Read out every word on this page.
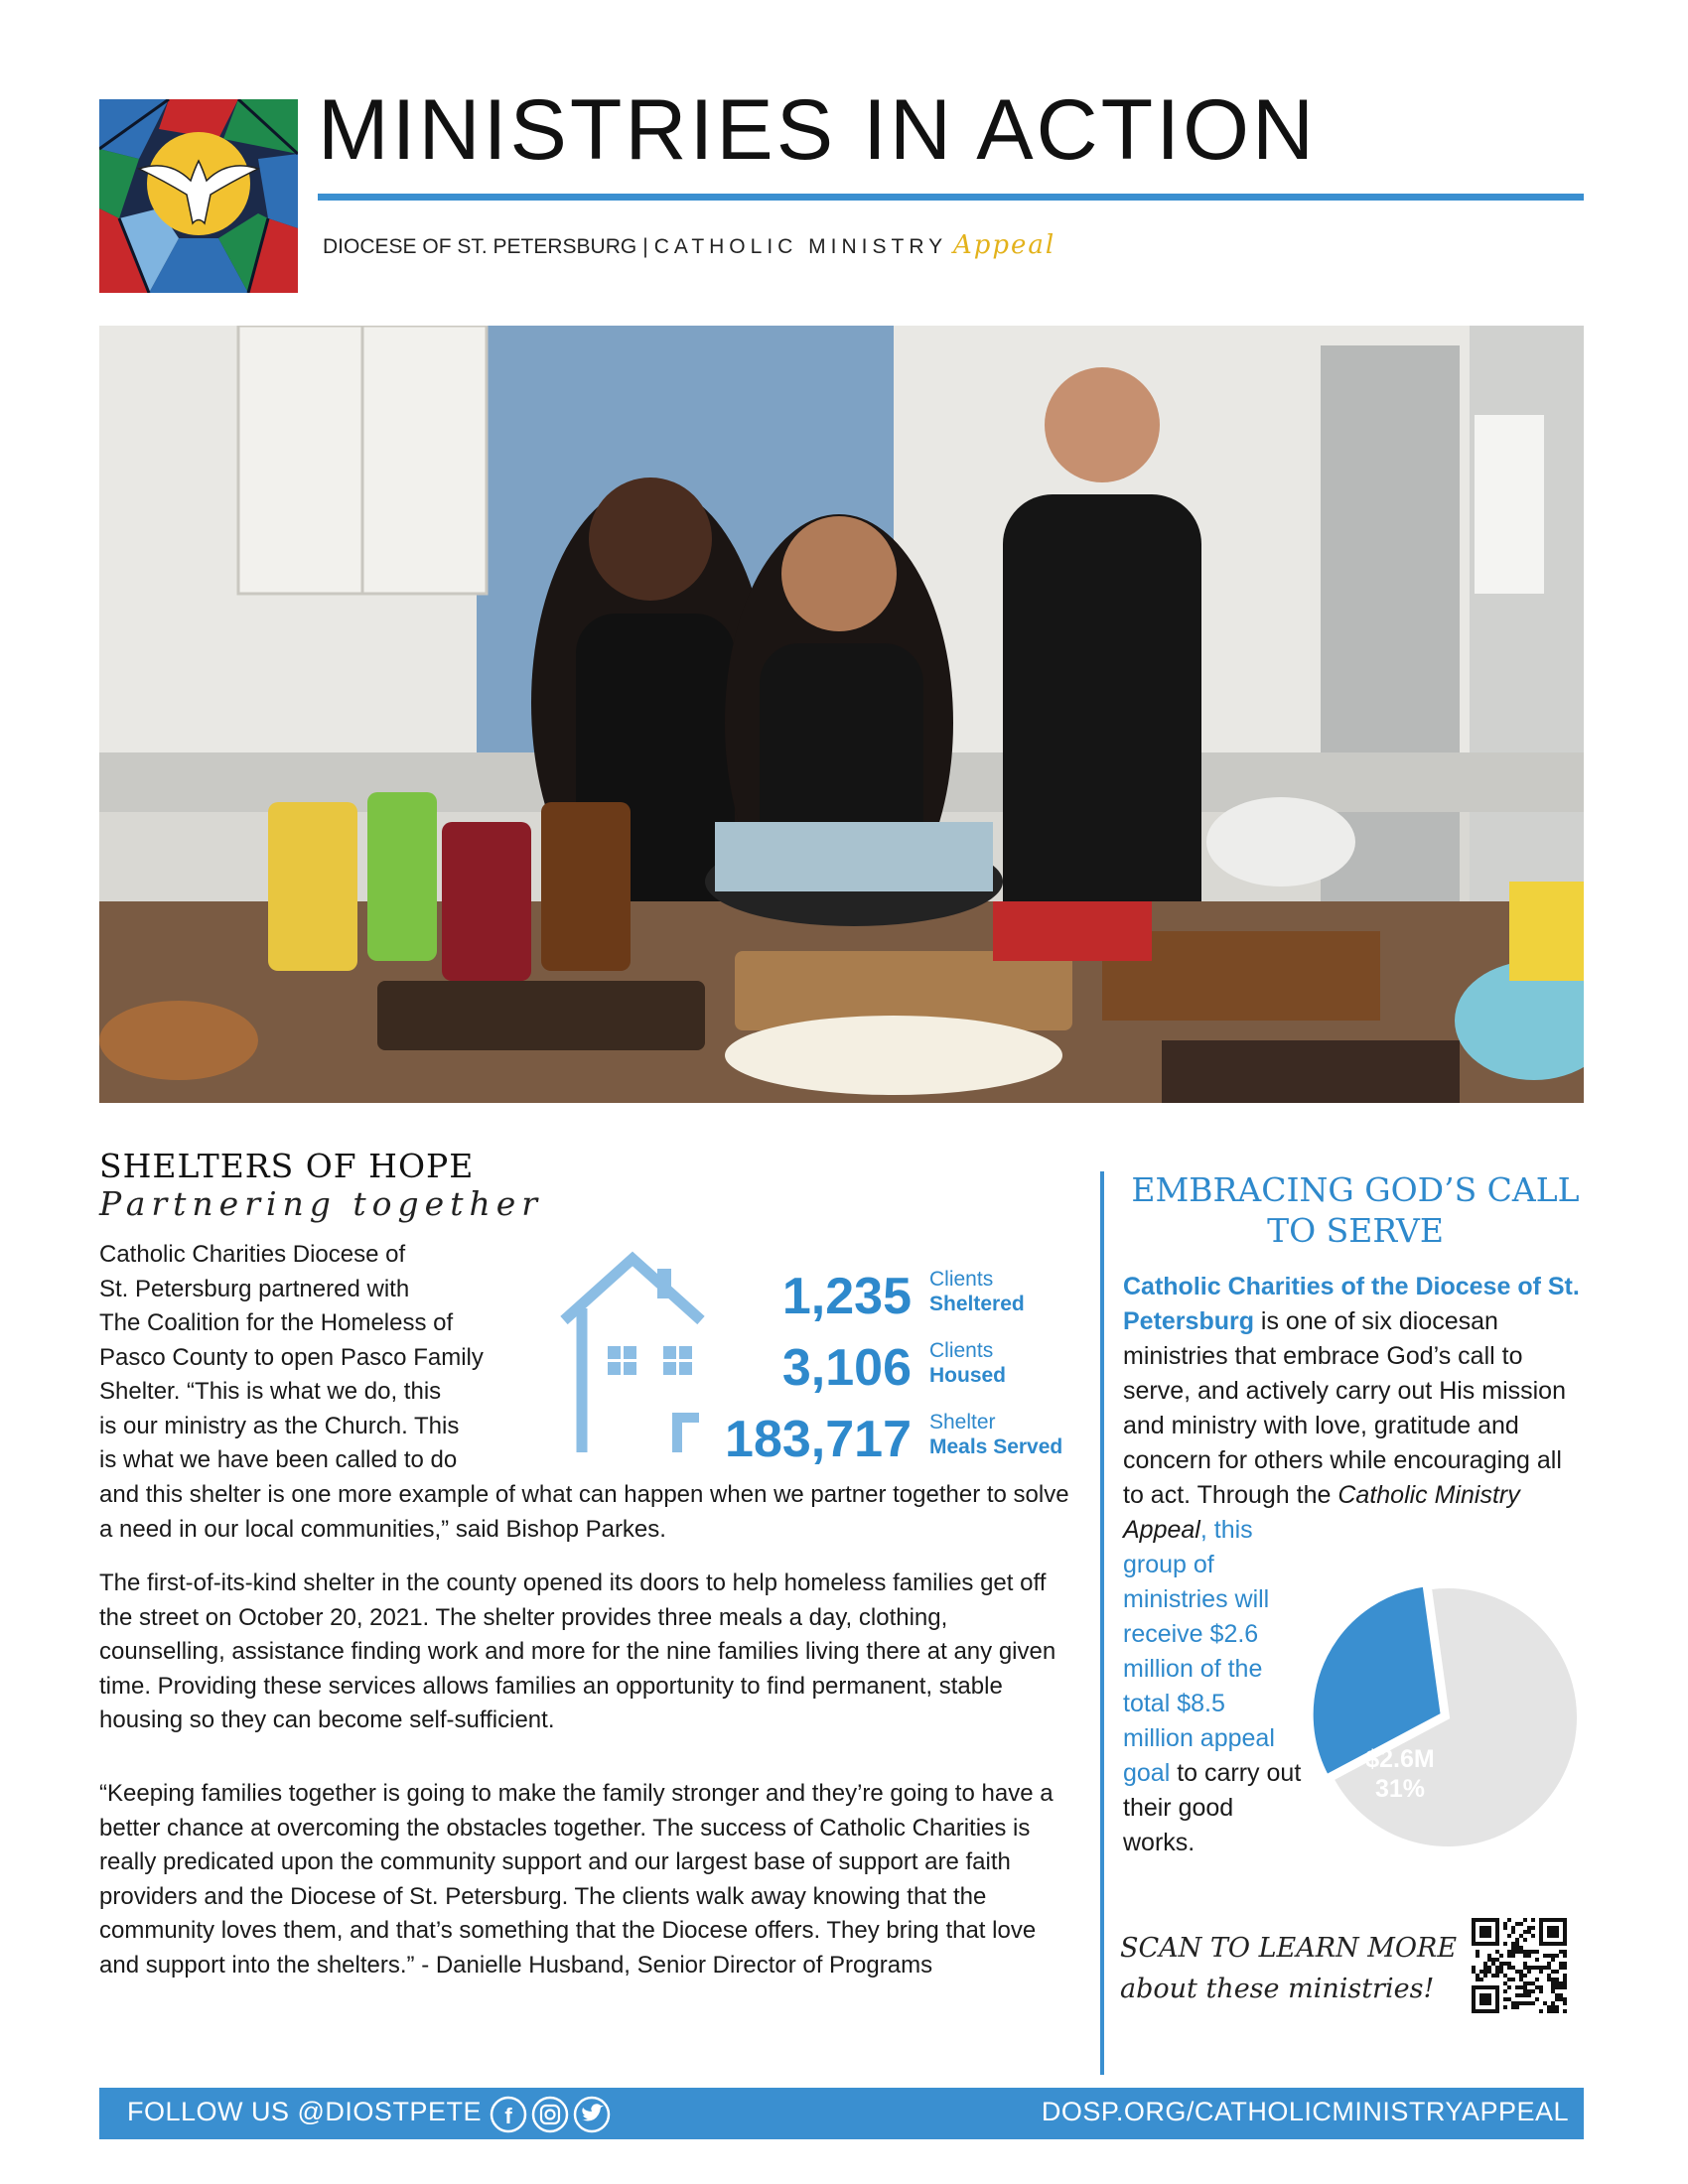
MINISTRIES IN ACTION
DIOCESE OF ST. PETERSBURG | CATHOLIC MINISTRY Appeal
SHELTERS OF HOPE
Partnering together
Catholic Charities Diocese of
St. Petersburg partnered with
The Coalition for the Homeless of
Pasco County to open Pasco Family
Shelter. “This is what we do, this
is our ministry as the Church. This
is what we have been called to do
and this shelter is one more example of what can happen when we partner together to solve a need in our local communities,” said Bishop Parkes.
The first-of-its-kind shelter in the county opened its doors to help homeless families get off the street on October 20, 2021. The shelter provides three meals a day, clothing, counselling, assistance finding work and more for the nine families living there at any given time. Providing these services allows families an opportunity to find permanent, stable housing so they can become self-sufficient.
“Keeping families together is going to make the family stronger and they’re going to have a better chance at overcoming the obstacles together. The success of Catholic Charities is really predicated upon the community support and our largest base of support are faith providers and the Diocese of St. Petersburg. The clients walk away knowing that the community loves them, and that’s something that the Diocese offers. They bring that love and support into the shelters.” - Danielle Husband, Senior Director of Programs
1,235 Clients
Sheltered
3,106 Clients
Housed
183,717 Shelter
Meals Served
EMBRACING GOD’S CALL TO SERVE
Catholic Charities of the Diocese of St. Petersburg is one of six diocesan ministries that embrace God’s call to serve, and actively carry out His mission and ministry with love, gratitude and concern for others while encouraging all to act. Through the Catholic Ministry Appeal, this
group of ministries will receive $2.6 million of the total $8.5 million appeal goal to carry out their good works.
$2.6M
31%
SCAN TO LEARN MORE
about these ministries!
FOLLOW US @DIOSTPETE f	DOSP.ORG/CATHOLICMINISTRYAPPEAL
